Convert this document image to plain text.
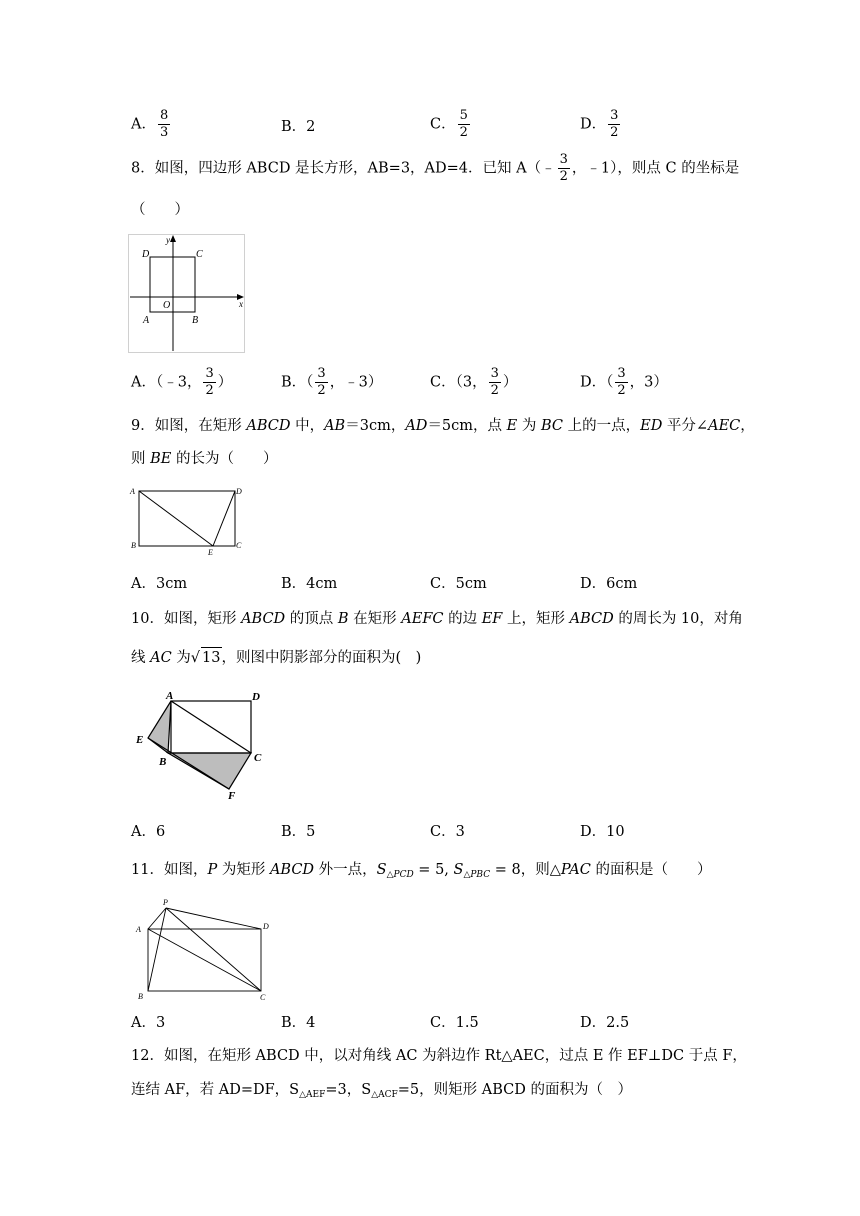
A． $\frac{8}{3}$	B．2	C． $\frac{5}{2}$	D． $\frac{3}{2}$
8．如图，四边形 ABCD 是长方形，AB=3，AD=4．已知 A（﹣ $\frac{3}{2}$ ，﹣1），则点 C 的坐标是
（　　）
D	C
A	B
O	x
y
A．（﹣3， $\frac{3}{2}$ ）	B．（ $\frac{3}{2}$ ，﹣3）	C．（3， $\frac{3}{2}$ ）	D．（ $\frac{3}{2}$ ，3）
9．如图，在矩形 ABCD 中，AB＝3cm，AD＝5cm，点 E 为 BC 上的一点，ED 平分∠AEC，
则 BE 的长为（　　）
A	D
B
E
C
A．3cm	B．4cm	C．5cm	D．6cm
10．如图，矩形 ABCD 的顶点 B 在矩形 AEFC 的边 EF 上，矩形 ABCD 的周长为 10，对角
线 AC 为√ 13，则图中阴影部分的面积为(　)
A	D
E
B	C
F
A．6	B．5	C．3	D．10
11．如图，P 为矩形 ABCD 外一点，$S_{\triangle PCD} = 5$, $S_{\triangle PBC} = 8$，则△PAC 的面积是（　　）
P
A	D
B	C
A．3	B．4	C．1.5	D．2.5
12．如图，在矩形 ABCD 中，以对角线 AC 为斜边作 Rt△AEC，过点 E 作 EF⊥DC 于点 F，
连结 AF，若 AD=DF，$S_{\triangle AEF}=3$，$S_{\triangle ACF}=5$，则矩形 ABCD 的面积为（　）
